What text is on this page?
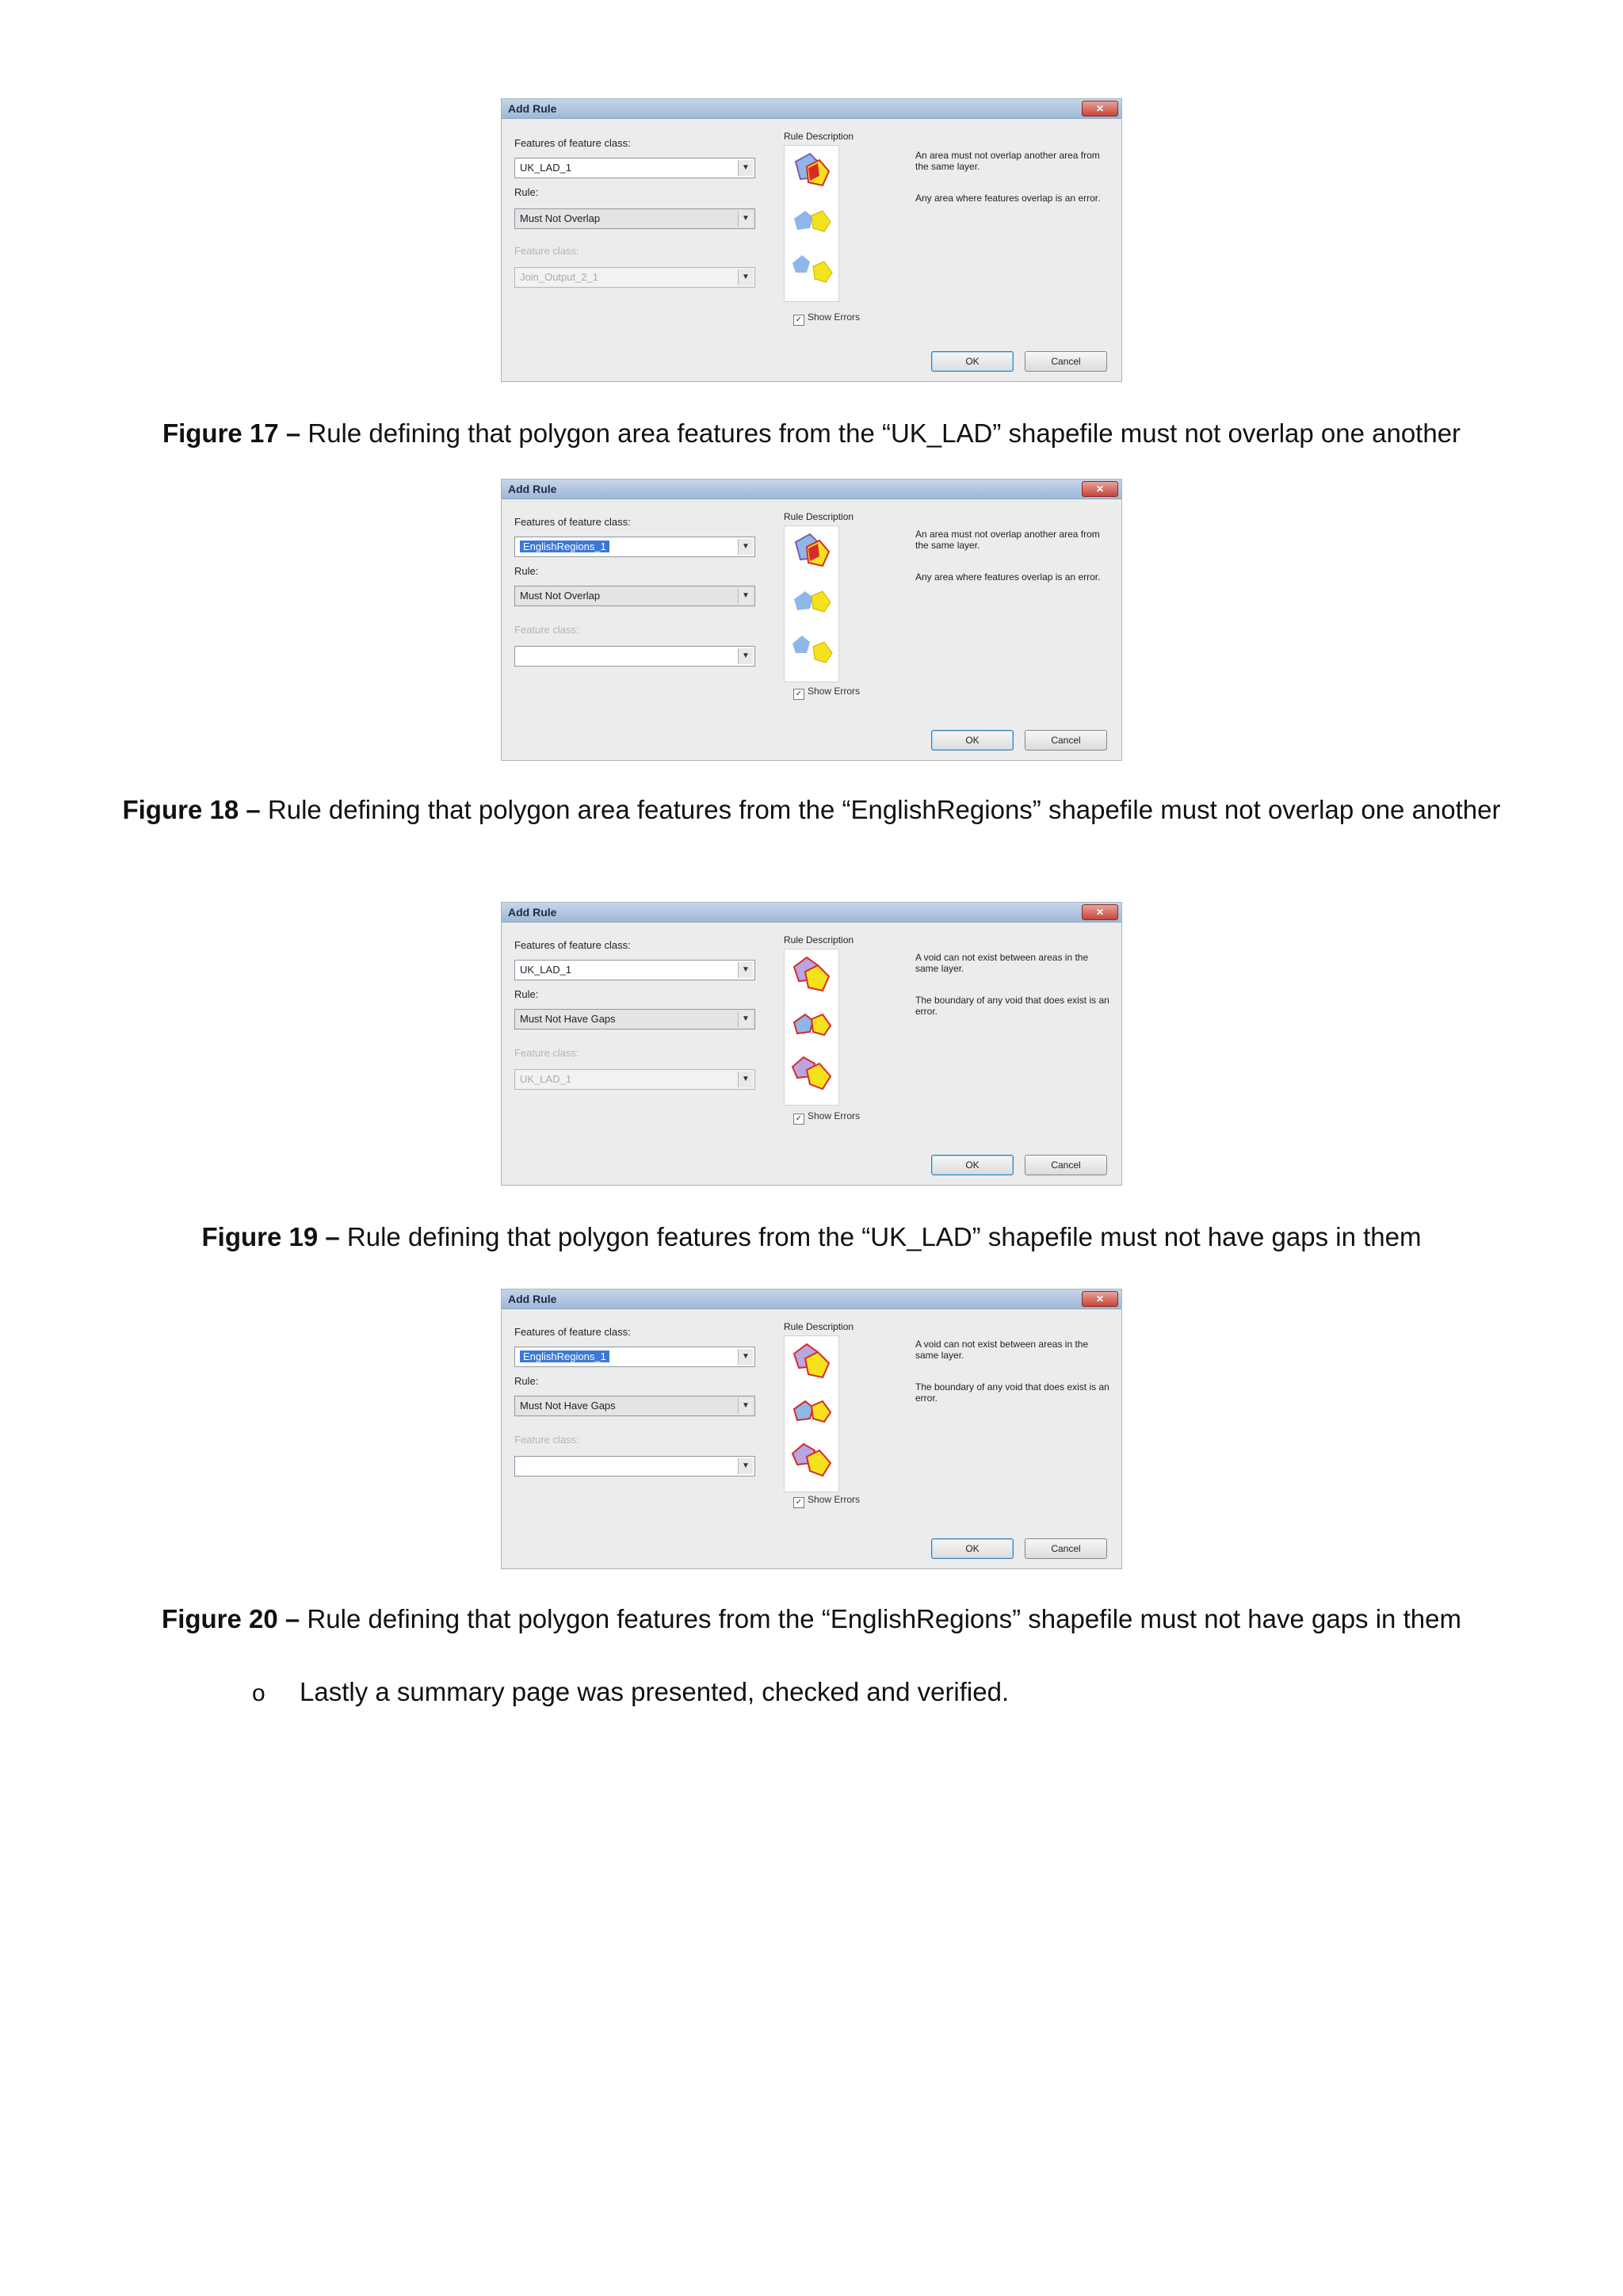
Add Rule	✕
Features of feature class:
UK_LAD_1	▼
Rule:
Must Not Overlap	▼
Feature class:
Join_Output_2_1	▼
Rule Description
An area must not overlap another area from the same layer.
Any area where features overlap is an error.
✓ Show Errors
OK	Cancel
Figure 17 – Rule defining that polygon area features from the “UK_LAD” shapefile must not overlap one another
Add Rule	✕
Features of feature class:
EnglishRegions_1	▼
Rule:
Must Not Overlap	▼
Feature class:
▼
Rule Description
An area must not overlap another area from the same layer.
Any area where features overlap is an error.
✓ Show Errors
OK	Cancel
Figure 18 – Rule defining that polygon area features from the “EnglishRegions” shapefile must not overlap one another
Add Rule	✕
Features of feature class:
UK_LAD_1	▼
Rule:
Must Not Have Gaps	▼
Feature class:
UK_LAD_1	▼
Rule Description
A void can not exist between areas in the same layer.
The boundary of any void that does exist is an error.
✓ Show Errors
OK	Cancel
Figure 19 – Rule defining that polygon features from the “UK_LAD” shapefile must not have gaps in them
Add Rule	✕
Features of feature class:
EnglishRegions_1	▼
Rule:
Must Not Have Gaps	▼
Feature class:
▼
Rule Description
A void can not exist between areas in the same layer.
The boundary of any void that does exist is an error.
✓ Show Errors
OK	Cancel
Figure 20 – Rule defining that polygon features from the “EnglishRegions” shapefile must not have gaps in them
o Lastly a summary page was presented, checked and verified.
